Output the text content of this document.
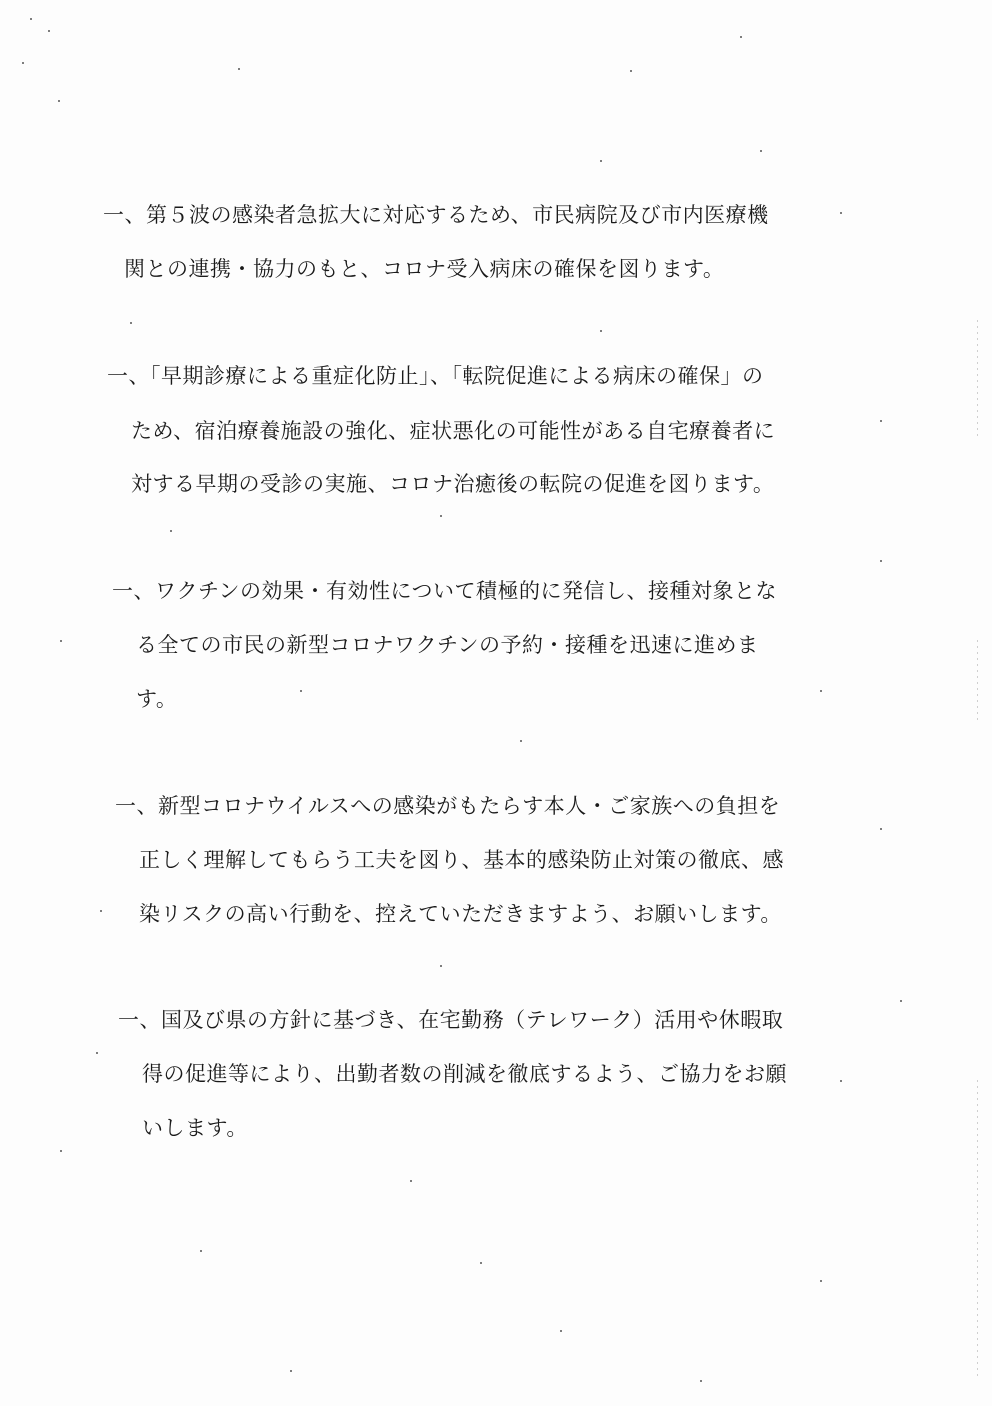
一、第５波の感染者急拡大に対応するため、市民病院及び市内医療機
関との連携・協力のもと、コロナ受入病床の確保を図ります。
一、「早期診療による重症化防止」、「転院促進による病床の確保」の
ため、宿泊療養施設の強化、症状悪化の可能性がある自宅療養者に
対する早期の受診の実施、コロナ治癒後の転院の促進を図ります。
一、ワクチンの効果・有効性について積極的に発信し、接種対象とな
る全ての市民の新型コロナワクチンの予約・接種を迅速に進めま
す。
一、新型コロナウイルスへの感染がもたらす本人・ご家族への負担を
正しく理解してもらう工夫を図り、基本的感染防止対策の徹底、感
染リスクの高い行動を、控えていただきますよう、お願いします。
一、国及び県の方針に基づき、在宅勤務（テレワーク）活用や休暇取
得の促進等により、出勤者数の削減を徹底するよう、ご協力をお願
いします。
